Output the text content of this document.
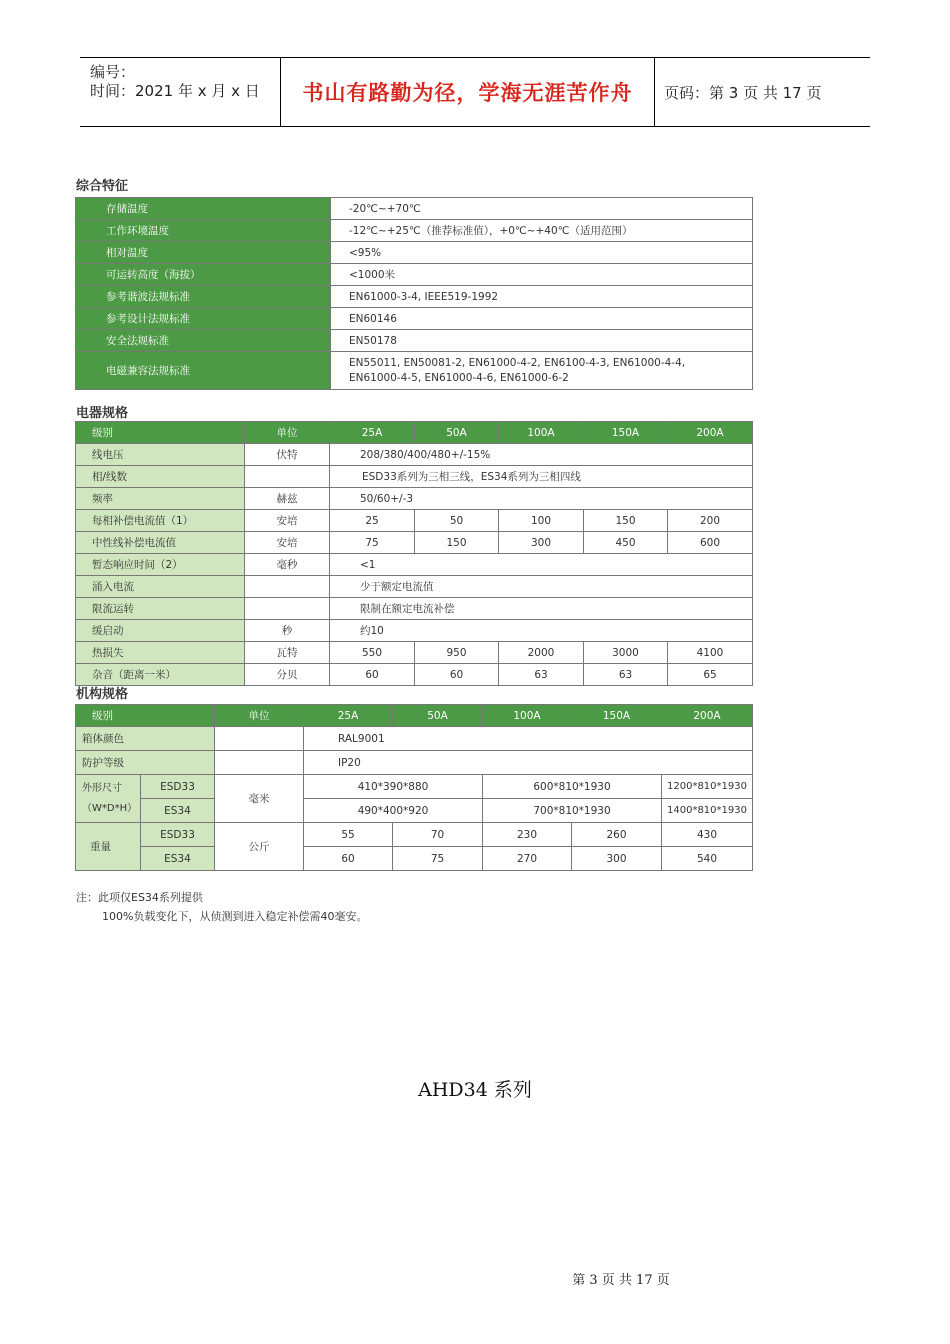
编号：
时间：2021 年 x 月 x 日 书山有路勤为径，学海无涯苦作舟 页码：第 3 页 共 17 页
综合特征
存储温度	-20℃~+70℃
工作环境温度	-12℃~+25℃（推荐标准值），+0℃~+40℃（适用范围）
相对温度	<95%
可运转高度（海拔）	<1000米
参考谐波法规标准	EN61000-3-4, IEEE519-1992
参考设计法规标准	EN60146
安全法规标准	EN50178
电磁兼容法规标准	EN55011, EN50081-2, EN61000-4-2, EN6100-4-3, EN61000-4-4,
EN61000-4-5, EN61000-4-6, EN61000-6-2
电器规格
级别	单位	25A	50A	100A	150A	200A
线电压	伏特	208/380/400/480+/-15%				
相/线数		ESD33系列为三相三线，ES34系列为三相四线				
频率	赫兹	50/60+/-3				
每相补偿电流值（1）	安培	25	50	100	150	200
中性线补偿电流值	安培	75	150	300	450	600
暂态响应时间（2）	毫秒	<1				
涌入电流		少于额定电流值				
限流运转		限制在额定电流补偿				
缓启动	秒	约10				
热损失	瓦特	550	950	2000	3000	4100
杂音（距离一米）	分贝	60	60	63	63	65
机构规格
级别		单位	25A	50A	100A	150A	200A
箱体颜色			RAL9001				
防护等级			IP20				
外形尺寸
（W*D*H）	ESD33	毫米	410*390*880		600*810*1930		1200*810*1930
	ES34		490*400*920		700*810*1930		1400*810*1930
重量	ESD33	公斤	55	70	230	260	430
	ES34		60	75	270	300	540
注：此项仅ES34系列提供
100%负载变化下，从侦测到进入稳定补偿需40毫安。
AHD34 系列
第 3 页 共 17 页
